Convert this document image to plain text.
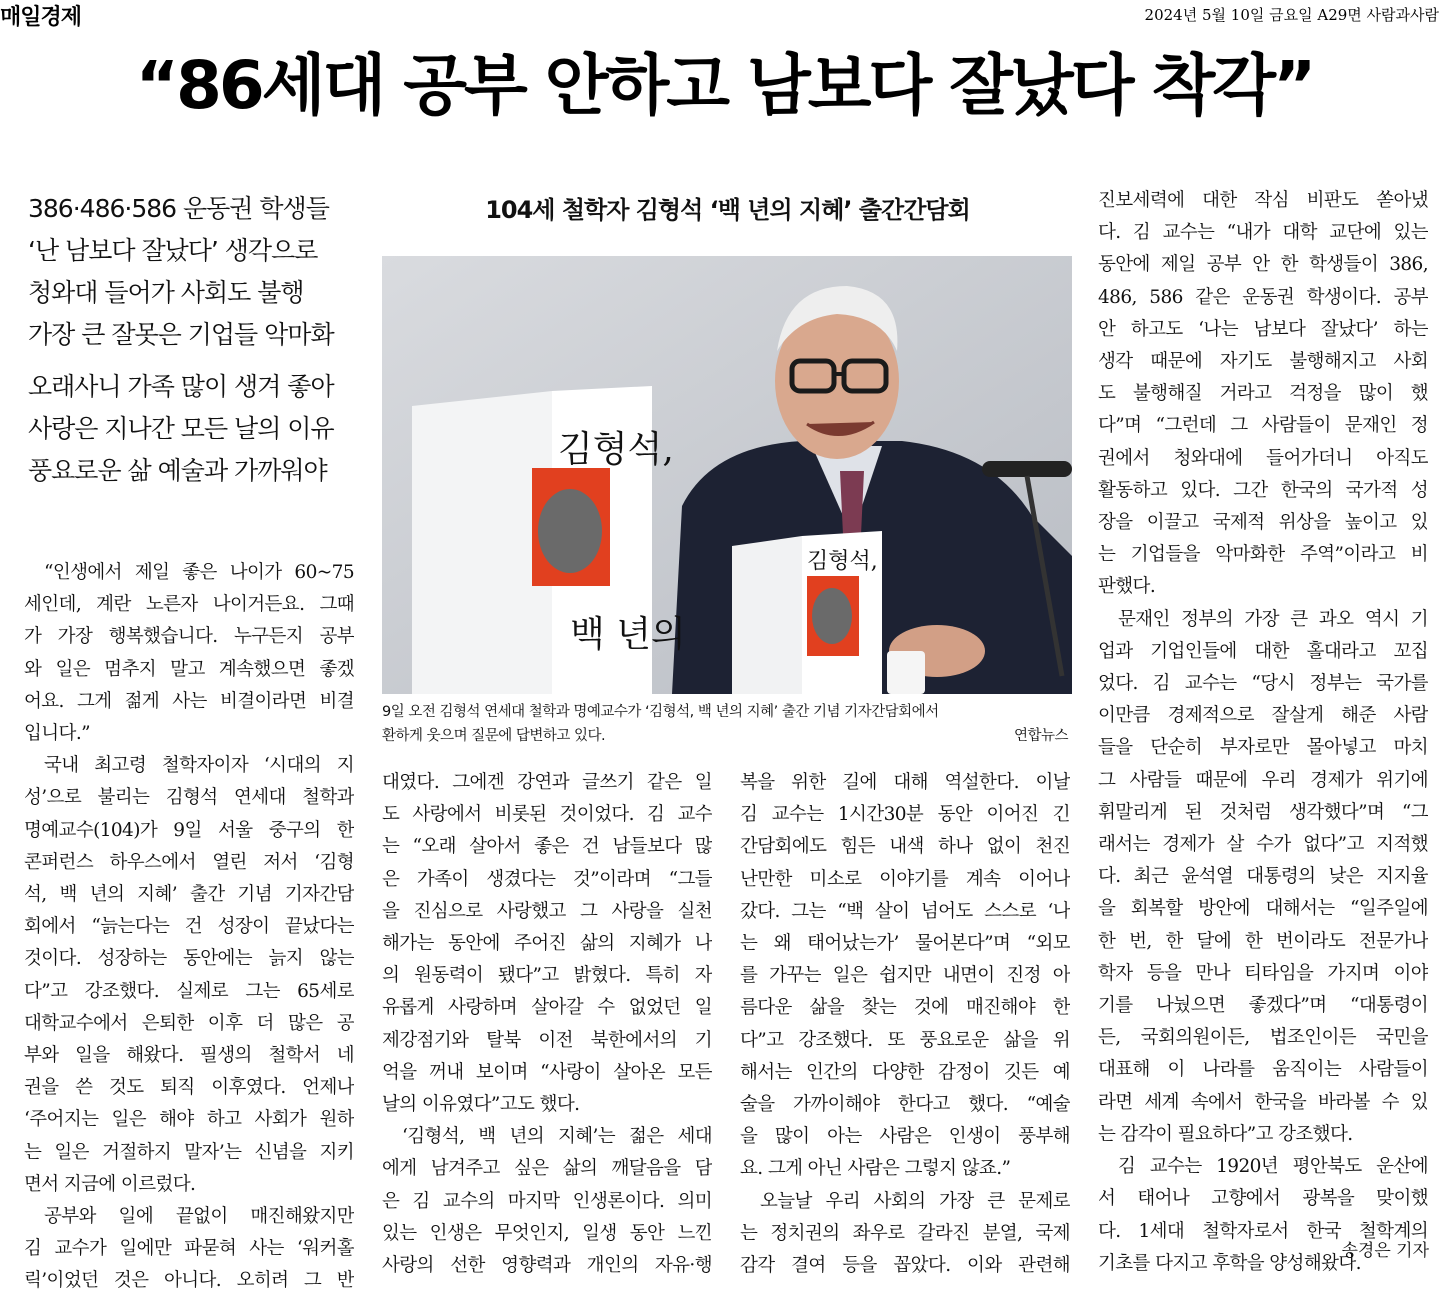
매일경제	2024년 5월 10일 금요일 A29면 사람과사람
“86세대 공부 안하고 남보다 잘났다 착각”
386·486·586 운동권 학생들
‘난 남보다 잘났다’ 생각으로
청와대 들어가 사회도 불행
가장 큰 잘못은 기업들 악마화
오래사니 가족 많이 생겨 좋아
사랑은 지나간 모든 날의 이유
풍요로운 삶 예술과 가까워야
104세 철학자 김형석 ‘백 년의 지혜’ 출간간담회
김형석,
백 년의
김형석,
9일 오전 김형석 연세대 철학과 명예교수가 ‘김형석, 백 년의 지혜’ 출간 기념 기자간담회에서
환하게 웃으며 질문에 답변하고 있다.	연합뉴스

“인생에서 제일 좋은 나이가 60~75

세인데, 계란 노른자 나이거든요. 그때

가 가장 행복했습니다. 누구든지 공부

와 일은 멈추지 말고 계속했으면 좋겠

어요. 그게 젊게 사는 비결이라면 비결

입니다.”

국내 최고령 철학자이자 ‘시대의 지

성’으로 불리는 김형석 연세대 철학과

명예교수(104)가 9일 서울 중구의 한

콘퍼런스 하우스에서 열린 저서 ‘김형

석, 백 년의 지혜’ 출간 기념 기자간담

회에서 “늙는다는 건 성장이 끝났다는

것이다. 성장하는 동안에는 늙지 않는

다”고 강조했다. 실제로 그는 65세로

대학교수에서 은퇴한 이후 더 많은 공

부와 일을 해왔다. 필생의 철학서 네

권을 쓴 것도 퇴직 이후였다. 언제나

‘주어지는 일은 해야 하고 사회가 원하

는 일은 거절하지 말자’는 신념을 지키

면서 지금에 이르렀다.

공부와 일에 끝없이 매진해왔지만

김 교수가 일에만 파묻혀 사는 ‘워커홀

릭’이었던 것은 아니다. 오히려 그 반

대였다. 그에겐 강연과 글쓰기 같은 일

도 사랑에서 비롯된 것이었다. 김 교수

는 “오래 살아서 좋은 건 남들보다 많

은 가족이 생겼다는 것”이라며 “그들

을 진심으로 사랑했고 그 사랑을 실천

해가는 동안에 주어진 삶의 지혜가 나

의 원동력이 됐다”고 밝혔다. 특히 자

유롭게 사랑하며 살아갈 수 없었던 일

제강점기와 탈북 이전 북한에서의 기

억을 꺼내 보이며 “사랑이 살아온 모든

날의 이유였다”고도 했다.

‘김형석, 백 년의 지혜’는 젊은 세대

에게 남겨주고 싶은 삶의 깨달음을 담

은 김 교수의 마지막 인생론이다. 의미

있는 인생은 무엇인지, 일생 동안 느낀

사랑의 선한 영향력과 개인의 자유·행

복을 위한 길에 대해 역설한다. 이날

김 교수는 1시간30분 동안 이어진 긴

간담회에도 힘든 내색 하나 없이 천진

난만한 미소로 이야기를 계속 이어나

갔다. 그는 “백 살이 넘어도 스스로 ‘나

는 왜 태어났는가’ 물어본다”며 “외모

를 가꾸는 일은 쉽지만 내면이 진정 아

름다운 삶을 찾는 것에 매진해야 한

다”고 강조했다. 또 풍요로운 삶을 위

해서는 인간의 다양한 감정이 깃든 예

술을 가까이해야 한다고 했다. “예술

을 많이 아는 사람은 인생이 풍부해

요. 그게 아닌 사람은 그렇지 않죠.”

오늘날 우리 사회의 가장 큰 문제로

는 정치권의 좌우로 갈라진 분열, 국제

감각 결여 등을 꼽았다. 이와 관련해

진보세력에 대한 작심 비판도 쏟아냈

다. 김 교수는 “내가 대학 교단에 있는

동안에 제일 공부 안 한 학생들이 386,

486, 586 같은 운동권 학생이다. 공부

안 하고도 ‘나는 남보다 잘났다’ 하는

생각 때문에 자기도 불행해지고 사회

도 불행해질 거라고 걱정을 많이 했

다”며 “그런데 그 사람들이 문재인 정

권에서 청와대에 들어가더니 아직도

활동하고 있다. 그간 한국의 국가적 성

장을 이끌고 국제적 위상을 높이고 있

는 기업들을 악마화한 주역”이라고 비

판했다.

문재인 정부의 가장 큰 과오 역시 기

업과 기업인들에 대한 홀대라고 꼬집

었다. 김 교수는 “당시 정부는 국가를

이만큼 경제적으로 잘살게 해준 사람

들을 단순히 부자로만 몰아넣고 마치

그 사람들 때문에 우리 경제가 위기에

휘말리게 된 것처럼 생각했다”며 “그

래서는 경제가 살 수가 없다”고 지적했

다. 최근 윤석열 대통령의 낮은 지지율

을 회복할 방안에 대해서는 “일주일에

한 번, 한 달에 한 번이라도 전문가나

학자 등을 만나 티타임을 가지며 이야

기를 나눴으면 좋겠다”며 “대통령이

든, 국회의원이든, 법조인이든 국민을

대표해 이 나라를 움직이는 사람들이

라면 세계 속에서 한국을 바라볼 수 있

는 감각이 필요하다”고 강조했다.

김 교수는 1920년 평안북도 운산에

서 태어나 고향에서 광복을 맞이했

다. 1세대 철학자로서 한국 철학계의

기초를 다지고 후학을 양성해왔다.

송경은 기자
